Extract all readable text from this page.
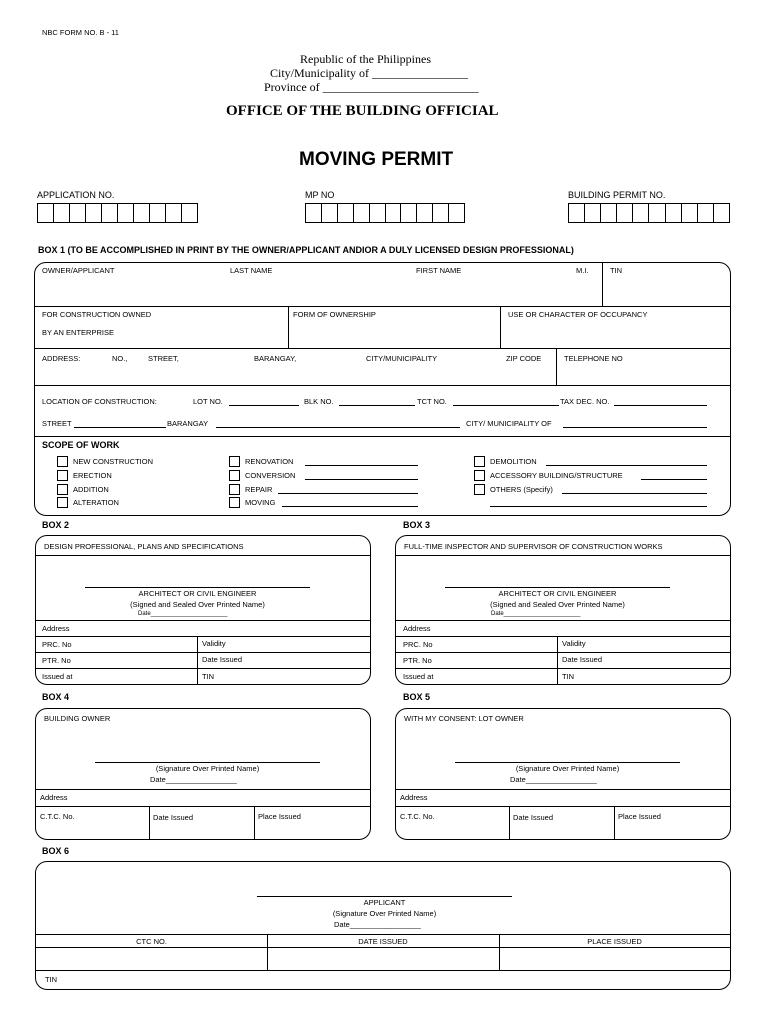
NBC FORM NO. B - 11
Republic of the Philippines
City/Municipality of ________________
Province of __________________________
OFFICE OF THE BUILDING OFFICIAL
MOVING PERMIT
APPLICATION NO.	MP NO	BUILDING PERMIT NO.
BOX 1 (TO BE ACCOMPLISHED IN PRINT BY THE OWNER/APPLICANT ANDIOR A DULY LICENSED DESIGN PROFESSIONAL)
OWNER/APPLICANT	LAST NAME	FIRST NAME	M.I.	TIN
FOR CONSTRUCTION OWNED
BY AN ENTERPRISE
FORM OF OWNERSHIP	USE OR CHARACTER OF OCCUPANCY
ADDRESS:	NO.,	STREET,	BARANGAY,	CITY/MUNICIPALITY	ZIP CODE	TELEPHONE NO
LOCATION OF CONSTRUCTION:	LOT NO.	BLK NO.	TCT NO.	TAX DEC. NO.
STREET	BARANGAY	CITY/ MUNICIPALITY OF
SCOPE OF WORK
NEW CONSTRUCTION
ERECTION
ADDITION
ALTERATION
RENOVATION
CONVERSION
REPAIR
MOVING
DEMOLITION
ACCESSORY BUILDING/STRUCTURE
OTHERS (Specify)
BOX 2
DESIGN PROFESSIONAL, PLANS AND SPECIFICATIONS
ARCHITECT OR CIVIL ENGINEER
(Signed and Sealed Over Printed Name)
Date_______________________
Address
PRC. No	Validity
PTR. No	Date Issued
Issued at	TIN
BOX 3
FULL-TIME INSPECTOR AND SUPERVISOR OF CONSTRUCTION WORKS
ARCHITECT OR CIVIL ENGINEER
(Signed and Sealed Over Printed Name)
Date_______________________
Address
PRC. No	Validity
PTR. No	Date Issued
Issued at	TIN
BOX 4
BUILDING OWNER
(Signature Over Printed Name)
Date_________________
Address
C.T.C. No.	Date Issued	Place Issued
BOX 5
WITH MY CONSENT: LOT OWNER
(Signature Over Printed Name)
Date_________________
Address
C.T.C. No.	Date Issued	Place Issued
BOX 6
APPLICANT
(Signature Over Printed Name)
Date_________________
CTC NO.	DATE ISSUED	PLACE ISSUED
TIN
